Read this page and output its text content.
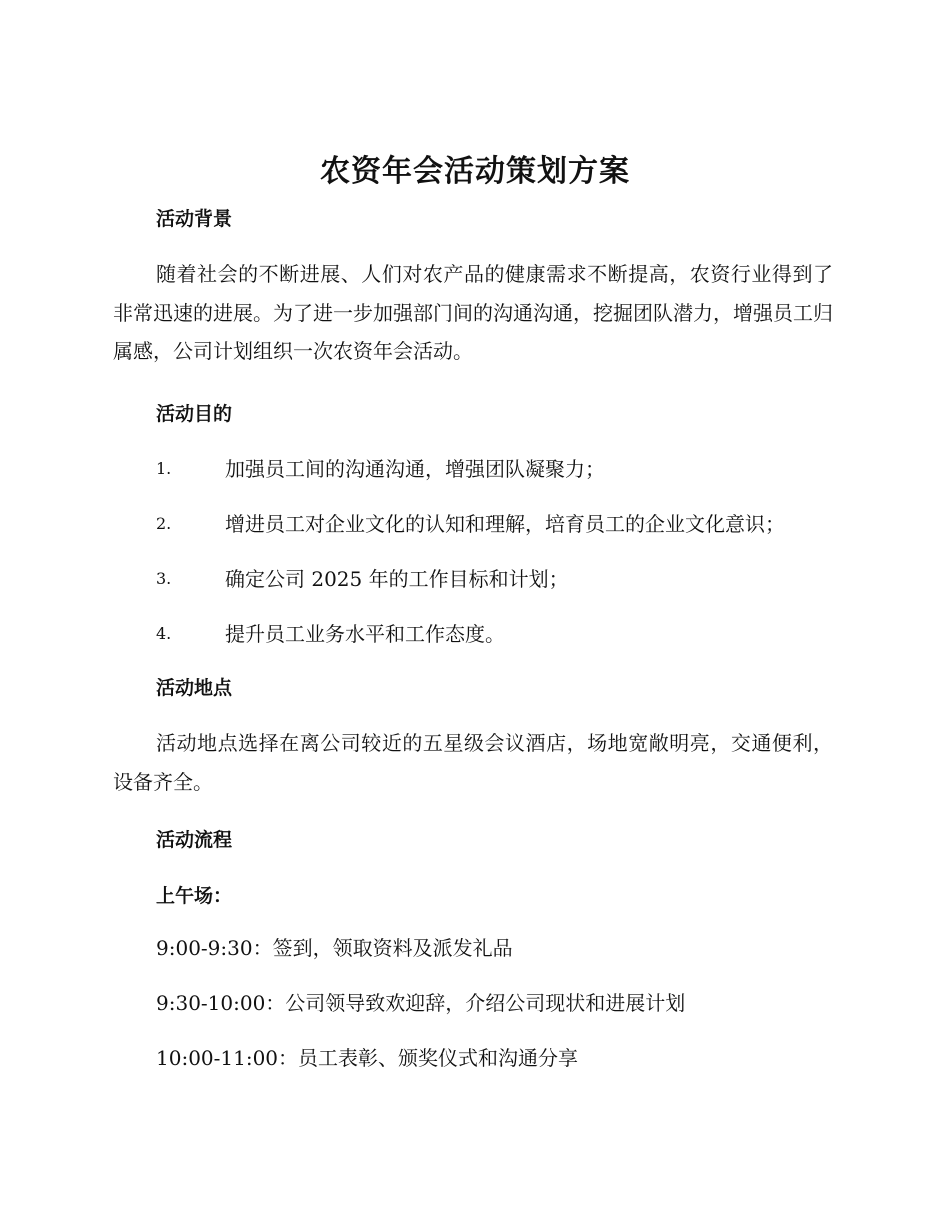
农资年会活动策划方案
活动背景
随着社会的不断进展、人们对农产品的健康需求不断提高，农资行业得到了非常迅速的进展。为了进一步加强部门间的沟通沟通，挖掘团队潜力，增强员工归属感，公司计划组织一次农资年会活动。
活动目的
1.	加强员工间的沟通沟通，增强团队凝聚力；
2.	增进员工对企业文化的认知和理解，培育员工的企业文化意识；
3.	确定公司 2025 年的工作目标和计划；
4.	提升员工业务水平和工作态度。
活动地点
活动地点选择在离公司较近的五星级会议酒店，场地宽敞明亮，交通便利，设备齐全。
活动流程
上午场：
9:00-9:30：签到，领取资料及派发礼品
9:30-10:00：公司领导致欢迎辞，介绍公司现状和进展计划
10:00-11:00：员工表彰、颁奖仪式和沟通分享
